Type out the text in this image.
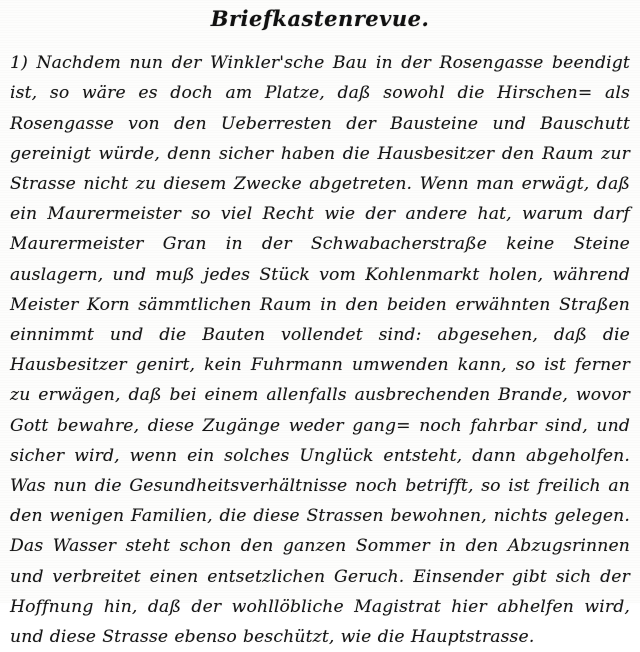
Briefkastenrevue.

1) Nachdem nun der Winkler'sche Bau in der Rosengasse beendigt ist, so wäre es doch am Platze, daß sowohl die Hirschen= als Rosengasse von den Ueberresten der Bausteine und Bauschutt gereinigt würde, denn sicher haben die Hausbesitzer den Raum zur Strasse nicht zu diesem Zwecke abgetreten. Wenn man erwägt, daß ein Maurermeister so viel Recht wie der andere hat, warum darf Maurermeister Gran in der Schwabacherstraße keine Steine auslagern, und muß jedes Stück vom Kohlenmarkt holen, während Meister Korn sämmtlichen Raum in den beiden erwähnten Straßen einnimmt und die Bauten vollendet sind: abgesehen, daß die Hausbesitzer genirt, kein Fuhrmann umwenden kann, so ist ferner zu erwägen, daß bei einem allenfalls ausbrechenden Brande, wovor Gott bewahre, diese Zugänge weder gang= noch fahrbar sind, und sicher wird, wenn ein solches Unglück entsteht, dann abgeholfen. Was nun die Gesundheitsverhältnisse noch betrifft, so ist freilich an den wenigen Familien, die diese Strassen bewohnen, nichts gelegen. Das Wasser steht schon den ganzen Sommer in den Abzugsrinnen und verbreitet einen entsetzlichen Geruch. Einsender gibt sich der Hoffnung hin, daß der wohllöbliche Magistrat hier abhelfen wird, und diese Strasse ebenso beschützt, wie die Hauptstrasse.
